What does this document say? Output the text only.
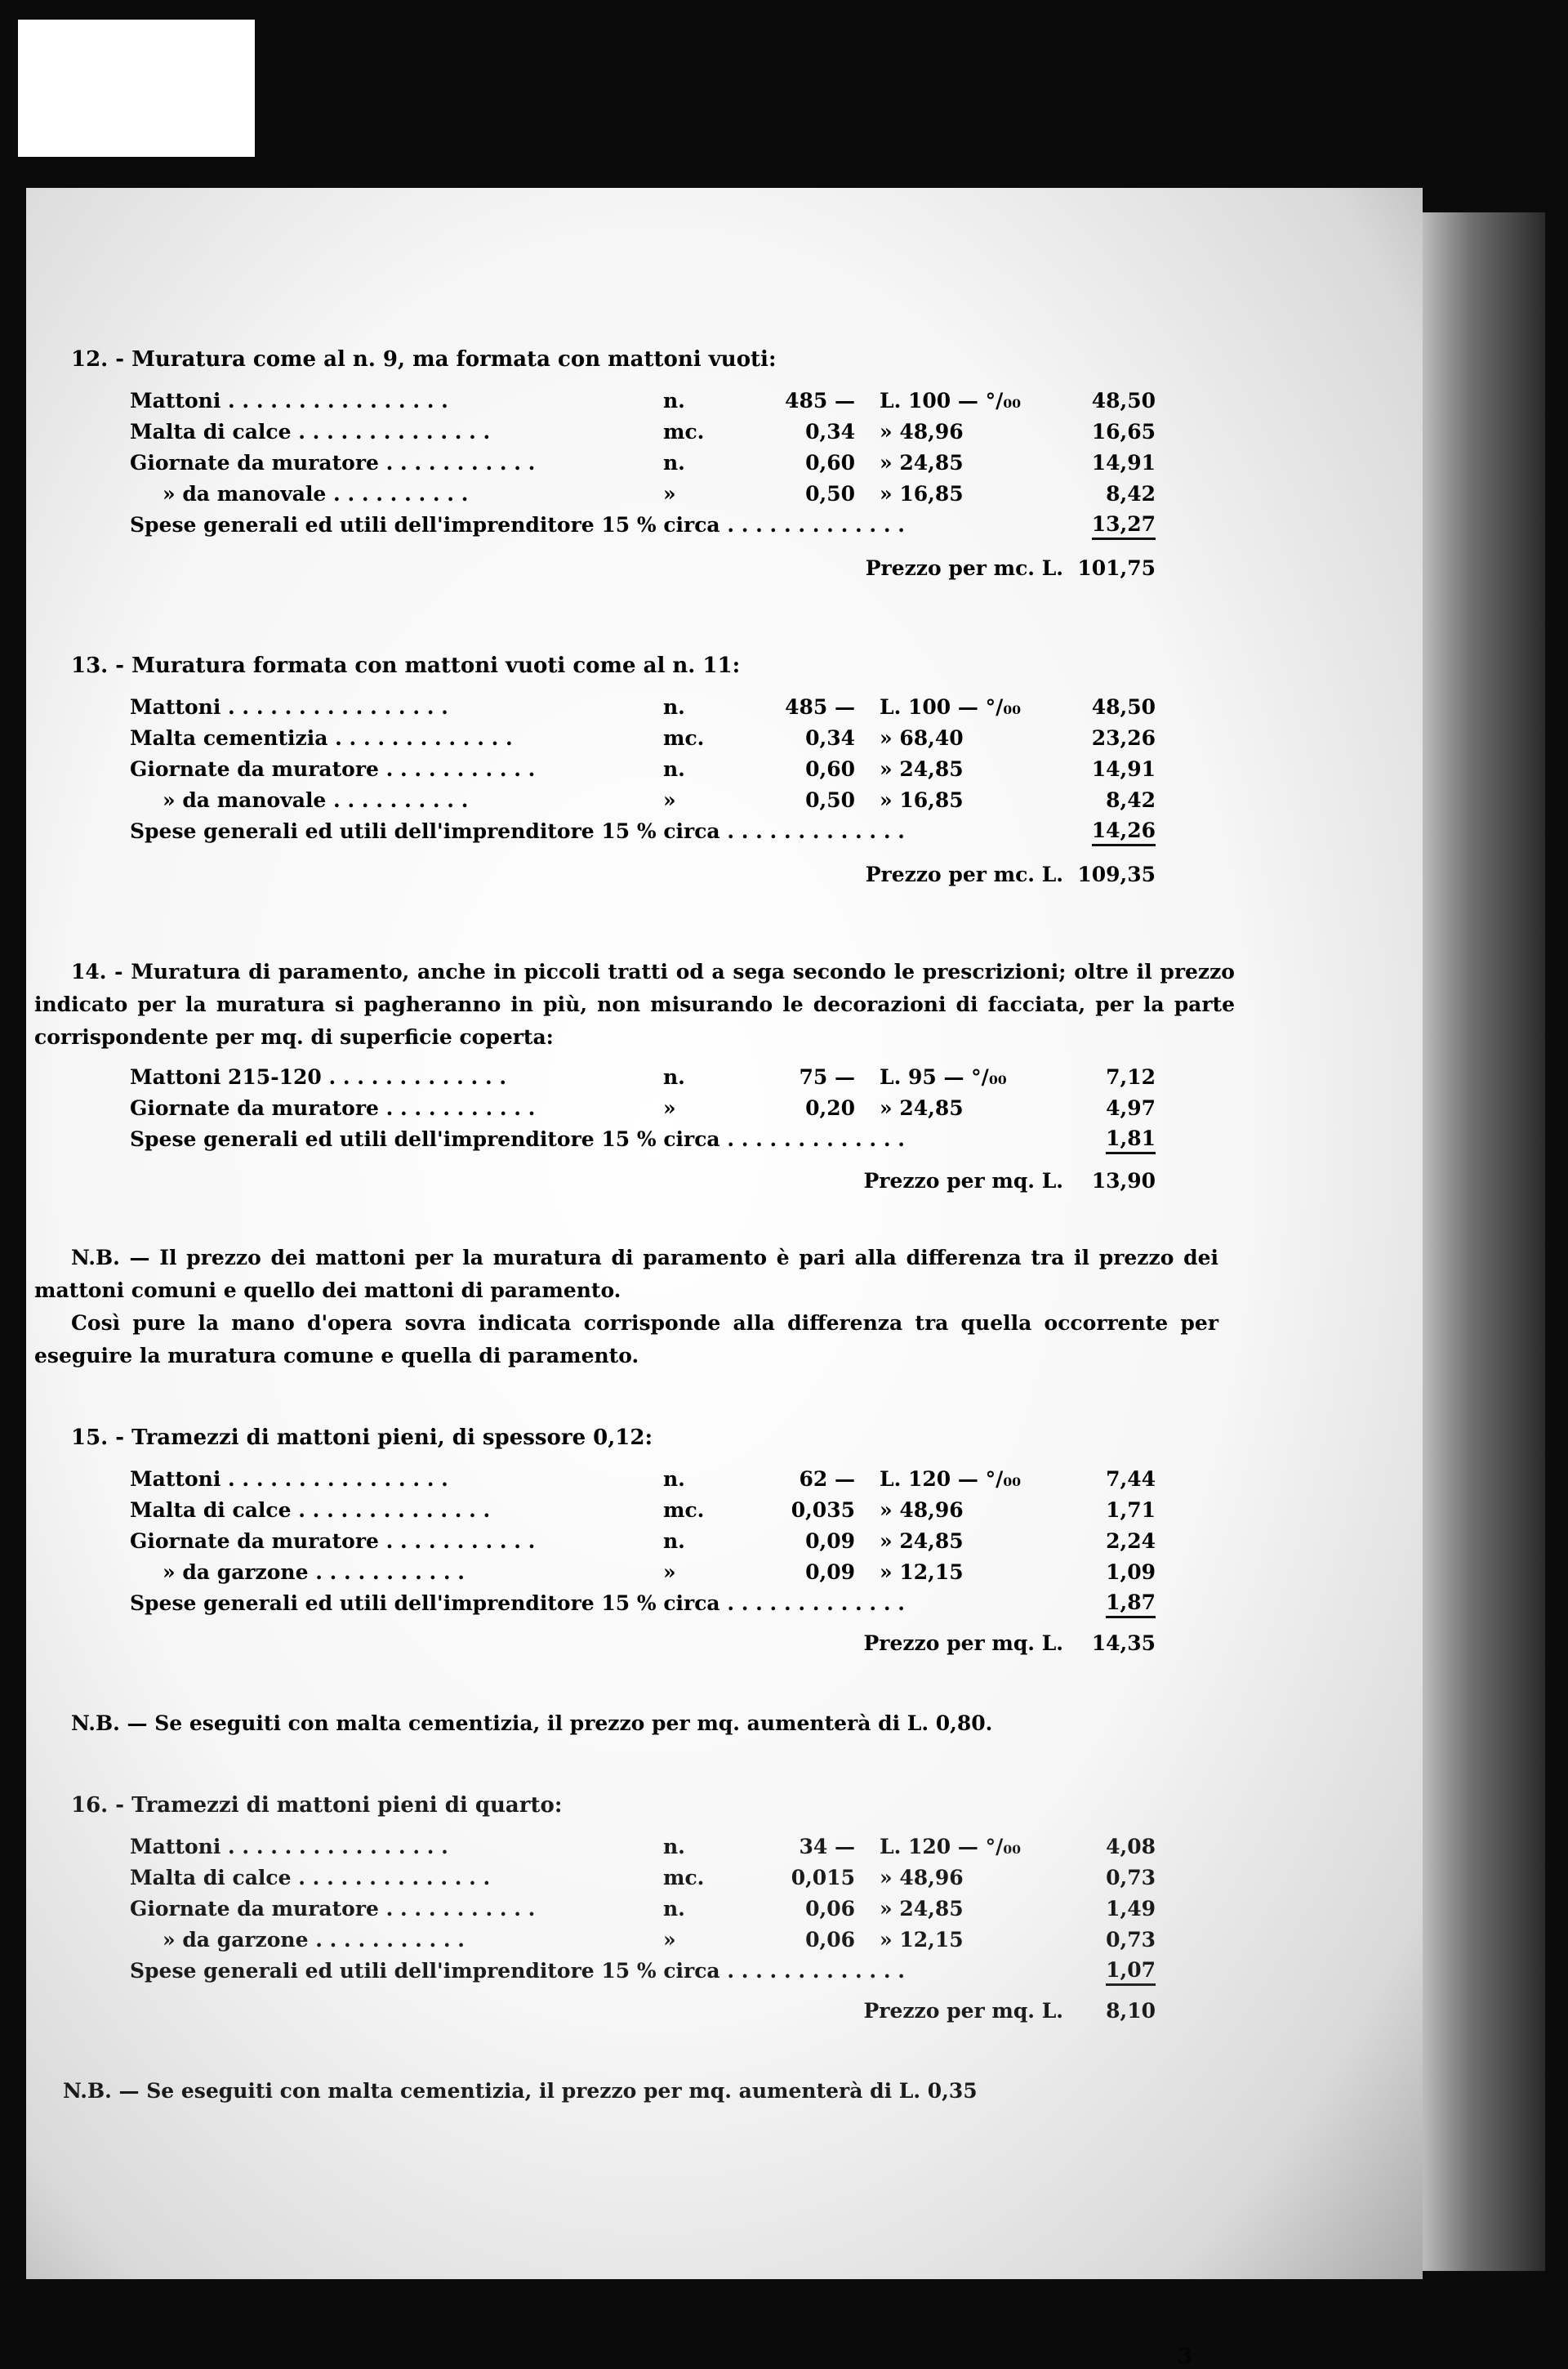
12. - Muratura come al n. 9, ma formata con mattoni vuoti:
Mattoni . . . . . . . . . . . . . . . .	n.	485 — L. 100 — °/₀₀	48,50
Malta di calce . . . . . . . . . . . . . .	mc.	0,34 » 48,96	16,65
Giornate da muratore . . . . . . . . . . .	n.	0,60 » 24,85	14,91
» da manovale . . . . . . . . . .	»	0,50 » 16,85	8,42
Spese generali ed utili dell'imprenditore 15 % circa . . . . . . . . . . . . .	13,27
Prezzo per mc. L. 101,75
13. - Muratura formata con mattoni vuoti come al n. 11:
Mattoni . . . . . . . . . . . . . . . .	n.	485 — L. 100 — °/₀₀	48,50
Malta cementizia . . . . . . . . . . . . .	mc.	0,34 » 68,40	23,26
Giornate da muratore . . . . . . . . . . .	n.	0,60 » 24,85	14,91
» da manovale . . . . . . . . . .	»	0,50 » 16,85	8,42
Spese generali ed utili dell'imprenditore 15 % circa . . . . . . . . . . . . .	14,26
Prezzo per mc. L. 109,35
14. - Muratura di paramento, anche in piccoli tratti od a sega secondo le prescrizioni; oltre il prezzo indicato per la muratura si pagheranno in più, non misurando le decorazioni di facciata, per la parte corrispondente per mq. di superficie coperta:
Mattoni 215-120 . . . . . . . . . . . . .	n.	75 — L. 95 — °/₀₀	7,12
Giornate da muratore . . . . . . . . . . .	»	0,20 » 24,85	4,97
Spese generali ed utili dell'imprenditore 15 % circa . . . . . . . . . . . . .	1,81
Prezzo per mq. L. 13,90
N.B. — Il prezzo dei mattoni per la muratura di paramento è pari alla differenza tra il prezzo dei mattoni comuni e quello dei mattoni di paramento.
Così pure la mano d'opera sovra indicata corrisponde alla differenza tra quella occorrente per eseguire la muratura comune e quella di paramento.
15. - Tramezzi di mattoni pieni, di spessore 0,12:
Mattoni . . . . . . . . . . . . . . . .	n.	62 — L. 120 — °/₀₀	7,44
Malta di calce . . . . . . . . . . . . . .	mc.	0,035 » 48,96	1,71
Giornate da muratore . . . . . . . . . . .	n.	0,09 » 24,85	2,24
» da garzone . . . . . . . . . . .	»	0,09 » 12,15	1,09
Spese generali ed utili dell'imprenditore 15 % circa . . . . . . . . . . . . .	1,87
Prezzo per mq. L. 14,35
N.B. — Se eseguiti con malta cementizia, il prezzo per mq. aumenterà di L. 0,80.
16. - Tramezzi di mattoni pieni di quarto:
Mattoni . . . . . . . . . . . . . . . .	n.	34 — L. 120 — °/₀₀	4,08
Malta di calce . . . . . . . . . . . . . .	mc.	0,015 » 48,96	0,73
Giornate da muratore . . . . . . . . . . .	n.	0,06 » 24,85	1,49
» da garzone . . . . . . . . . . .	»	0,06 » 12,15	0,73
Spese generali ed utili dell'imprenditore 15 % circa . . . . . . . . . . . . .	1,07
Prezzo per mq. L. 8,10
N.B. — Se eseguiti con malta cementizia, il prezzo per mq. aumenterà di L. 0,35
3
